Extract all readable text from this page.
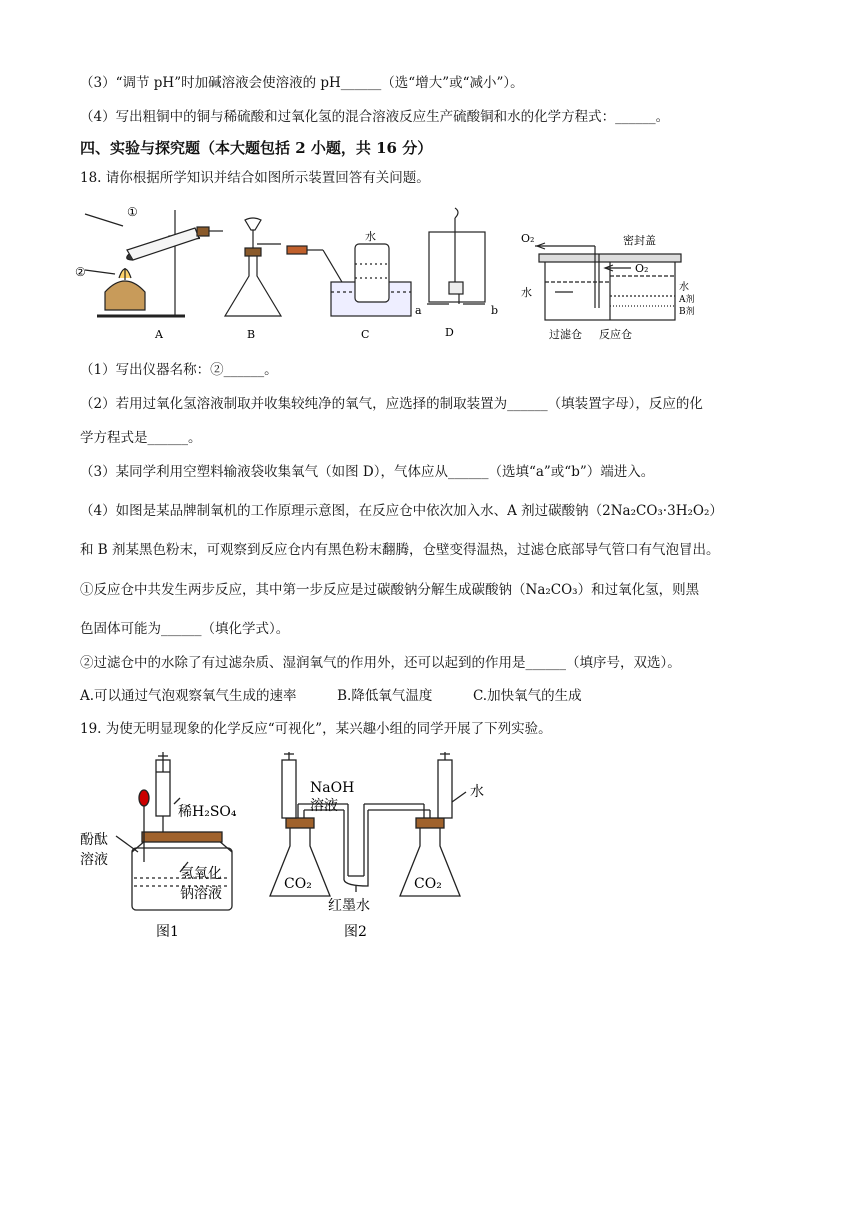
（3）“调节 pH”时加碱溶液会使溶液的 pH______（选“增大”或“减小”）。
（4）写出粗铜中的铜与稀硫酸和过氧化氢的混合溶液反应生产硫酸铜和水的化学方程式：______。
四、实验与探究题（本大题包括 2 小题，共 16 分）
18. 请你根据所学知识并结合如图所示装置回答有关问题。
①
②
A	B	C
水
D
a	b
O₂	密封盖
O₂
水	水
A剂
B剂
过滤仓 反应仓
（1）写出仪器名称：②______。
（2）若用过氧化氢溶液制取并收集较纯净的氧气，应选择的制取装置为______（填装置字母），反应的化
学方程式是______。
（3）某同学利用空塑料输液袋收集氧气（如图 D），气体应从______（选填“a”或“b”）端进入。
（4）如图是某品牌制氧机的工作原理示意图，在反应仓中依次加入水、A 剂过碳酸钠（2Na₂CO₃·3H₂O₂）
和 B 剂某黑色粉末，可观察到反应仓内有黑色粉末翻腾，仓壁变得温热，过滤仓底部导气管口有气泡冒出。
①反应仓中共发生两步反应，其中第一步反应是过碳酸钠分解生成碳酸钠（Na₂CO₃）和过氧化氢，则黑
色固体可能为______（填化学式）。
②过滤仓中的水除了有过滤杂质、湿润氧气的作用外，还可以起到的作用是______（填序号，双选）。
A.可以通过气泡观察氧气生成的速率	B.降低氧气温度	C.加快氧气的生成
19. 为使无明显现象的化学反应“可视化”，某兴趣小组的同学开展了下列实验。
稀H₂SO₄
酚酞
溶液
氢氧化
钠溶液
图1
NaOH
溶液
水
CO₂	CO₂
红墨水
图2
